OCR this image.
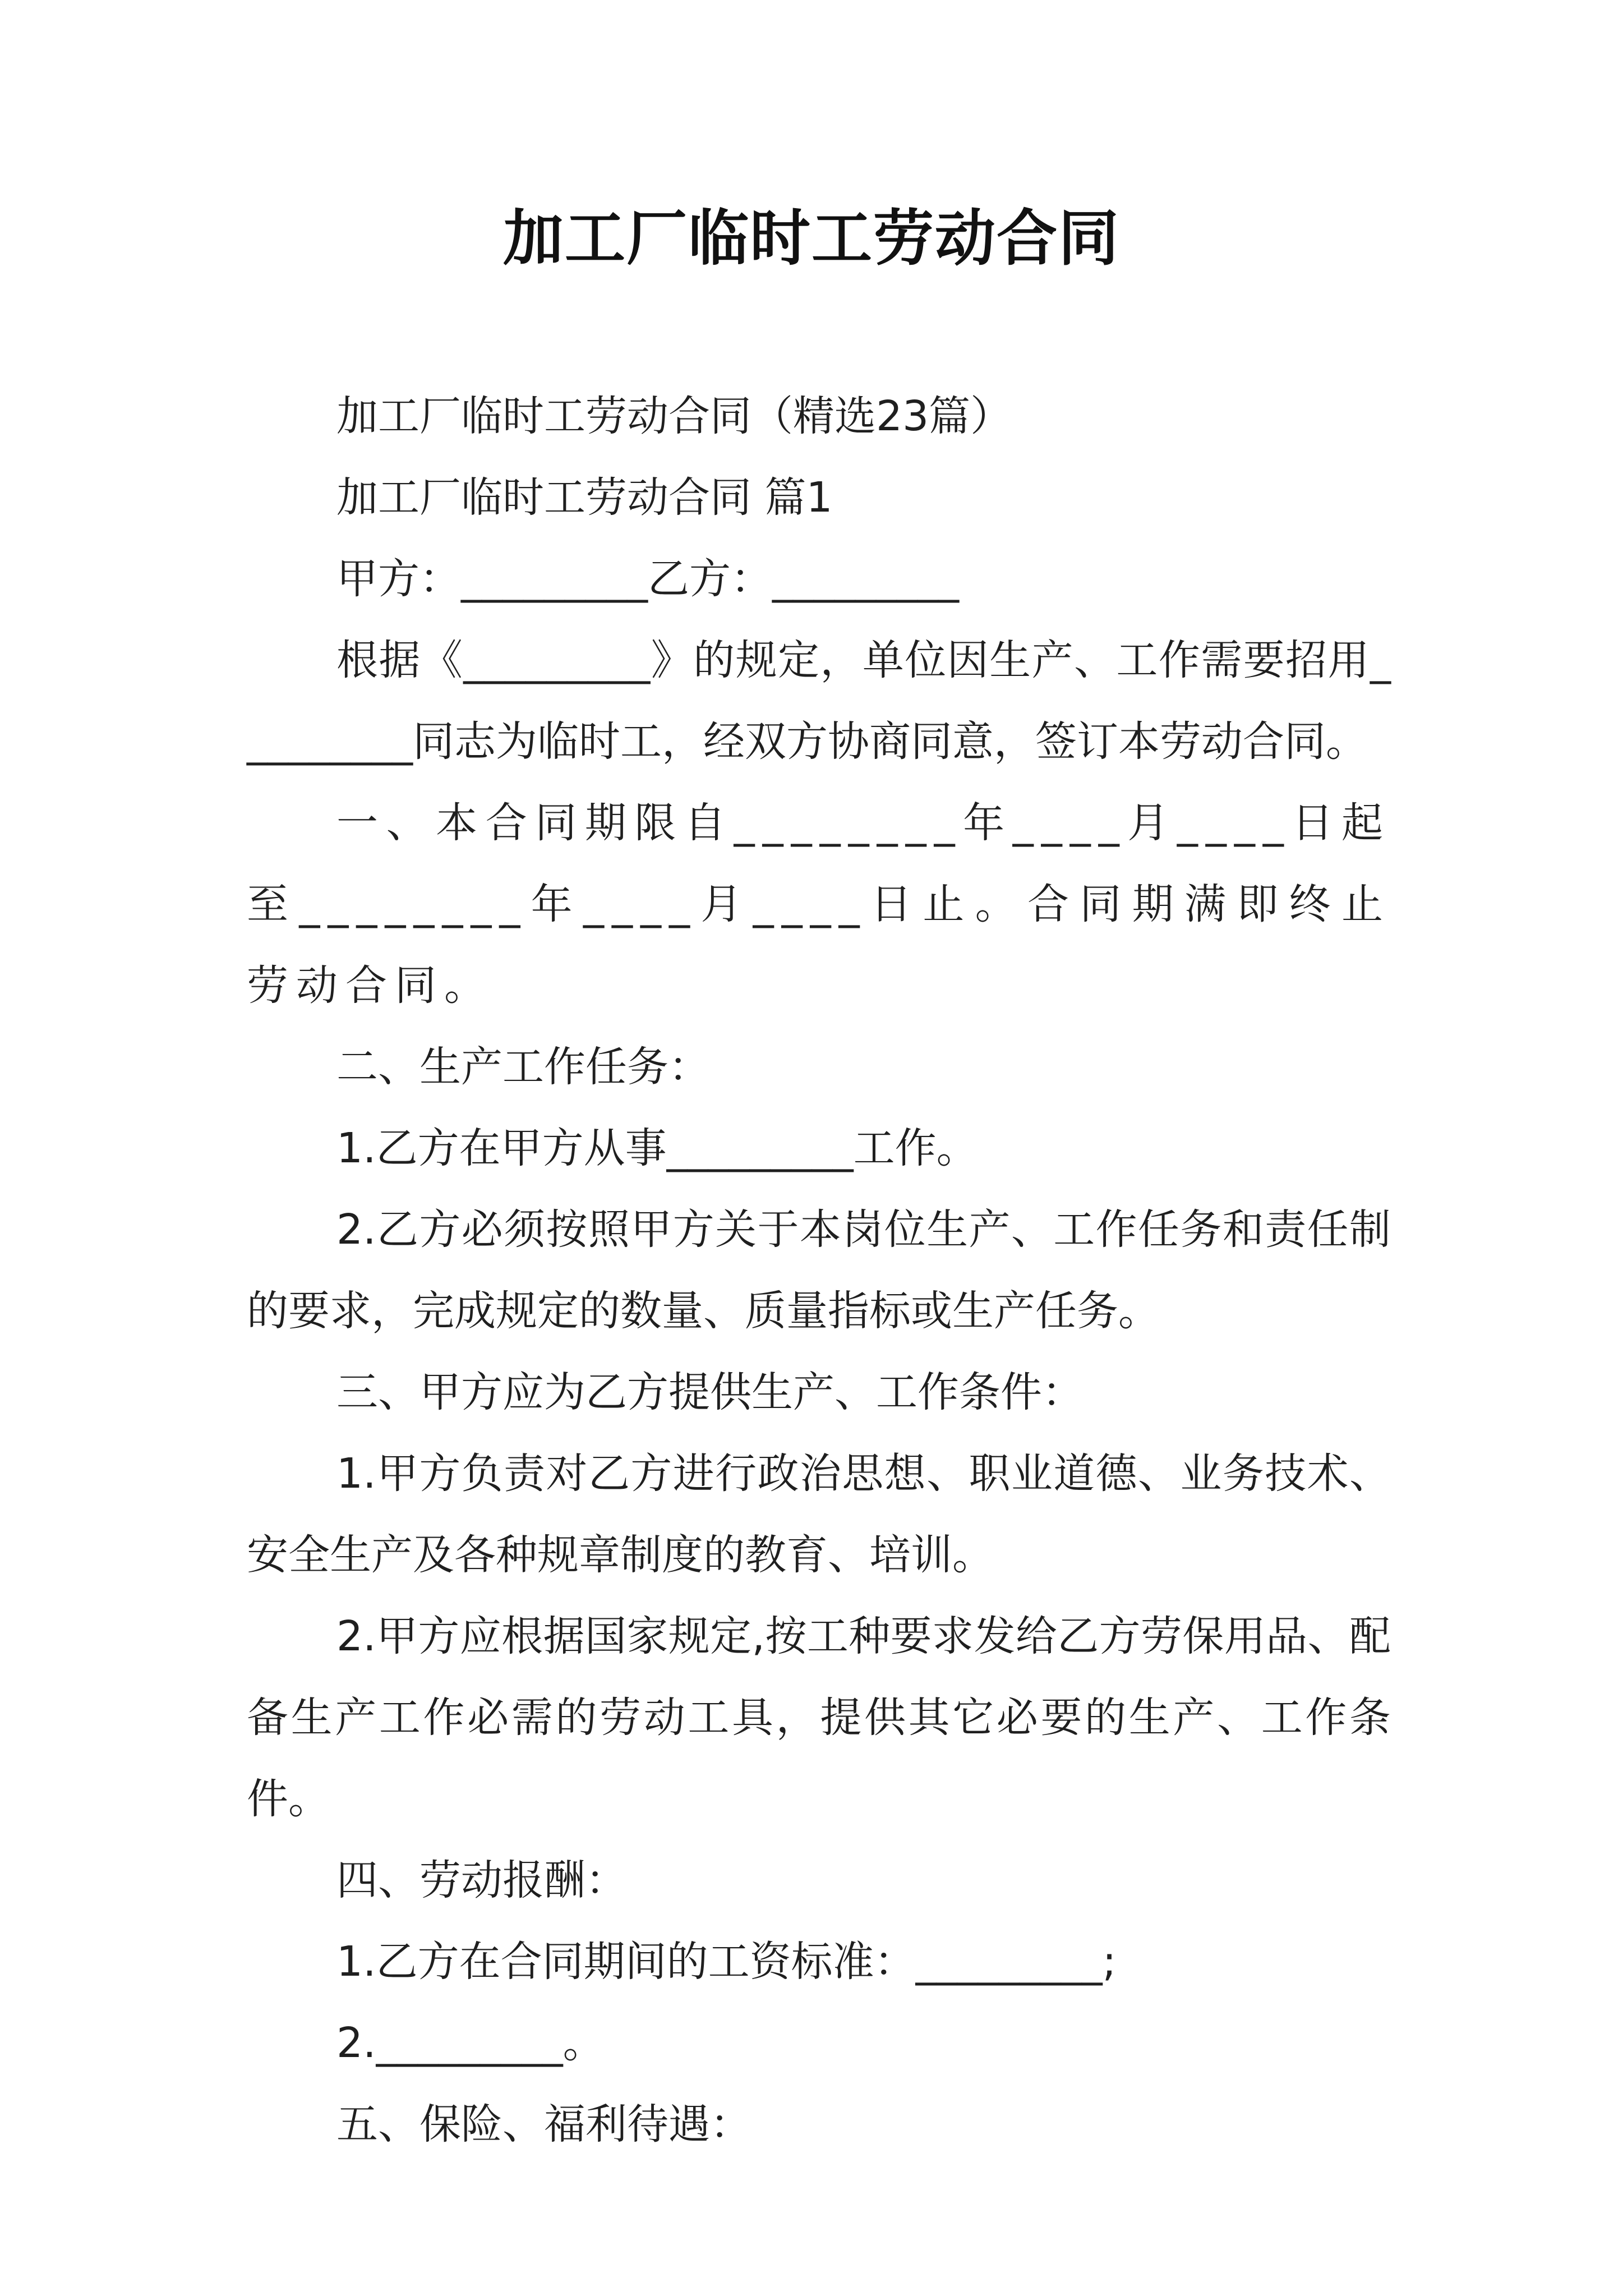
加工厂临时工劳动合同

加工厂临时工劳动合同（精选23篇）

加工厂临时工劳动合同 篇1

甲方：_________乙方：_________

根据《_________》的规定，单位因生产、工作需要招用_________同志为临时工，经双方协商同意，签订本劳动合同。

一、本合同期限自________年____月____日起至________年____月____日止。合同期满即终止劳动合同。

二、生产工作任务：

1.乙方在甲方从事_________工作。

2.乙方必须按照甲方关于本岗位生产、工作任务和责任制的要求，完成规定的数量、质量指标或生产任务。

三、甲方应为乙方提供生产、工作条件：

1.甲方负责对乙方进行政治思想、职业道德、业务技术、安全生产及各种规章制度的教育、培训。

2.甲方应根据国家规定,按工种要求发给乙方劳保用品、配备生产工作必需的劳动工具，提供其它必要的生产、工作条件。

四、劳动报酬：

1.乙方在合同期间的工资标准：_________;

2._________。

五、保险、福利待遇：
